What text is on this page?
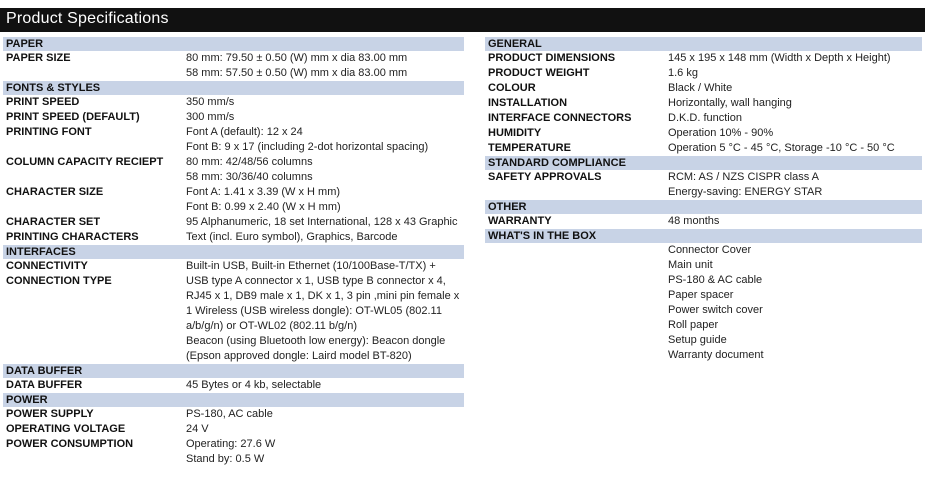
Product Specifications
PAPER
PAPER SIZE	80 mm: 79.50 ± 0.50 (W) mm x dia 83.00 mm
58 mm: 57.50 ± 0.50 (W) mm x dia 83.00 mm
FONTS & STYLES
PRINT SPEED	350 mm/s
PRINT SPEED (DEFAULT)	300 mm/s
PRINTING FONT	Font A (default): 12 x 24
Font B: 9 x 17 (including 2-dot horizontal spacing)
COLUMN CAPACITY RECIEPT	80 mm: 42/48/56 columns
58 mm: 30/36/40 columns
CHARACTER SIZE	Font A: 1.41 x 3.39 (W x H mm)
Font B: 0.99 x 2.40 (W x H mm)
CHARACTER SET	95 Alphanumeric, 18 set International, 128 x 43 Graphic
PRINTING CHARACTERS	Text (incl. Euro symbol), Graphics, Barcode
INTERFACES
CONNECTIVITY	Built-in USB, Built-in Ethernet (10/100Base-T/TX) +
CONNECTION TYPE	USB type A connector x 1, USB type B connector x 4,
RJ45 x 1, DB9 male x 1, DK x 1, 3 pin ,mini pin female x
1 Wireless (USB wireless dongle): OT-WL05 (802.11
a/b/g/n) or OT-WL02 (802.11 b/g/n)
Beacon (using Bluetooth low energy): Beacon dongle
(Epson approved dongle: Laird model BT-820)
DATA BUFFER
DATA BUFFER	45 Bytes or 4 kb, selectable
POWER
POWER SUPPLY	PS-180, AC cable
OPERATING VOLTAGE	24 V
POWER CONSUMPTION	Operating: 27.6 W
Stand by: 0.5 W
GENERAL
PRODUCT DIMENSIONS	145 x 195 x 148 mm (Width x Depth x Height)
PRODUCT WEIGHT	1.6 kg
COLOUR	Black / White
INSTALLATION	Horizontally, wall hanging
INTERFACE CONNECTORS	D.K.D. function
HUMIDITY	Operation 10% - 90%
TEMPERATURE	Operation 5 °C - 45 °C, Storage -10 °C - 50 °C
STANDARD COMPLIANCE
SAFETY APPROVALS	RCM: AS / NZS CISPR class A
Energy-saving: ENERGY STAR
OTHER
WARRANTY	48 months
WHAT'S IN THE BOX
Connector Cover
Main unit
PS-180 & AC cable
Paper spacer
Power switch cover
Roll paper
Setup guide
Warranty document
